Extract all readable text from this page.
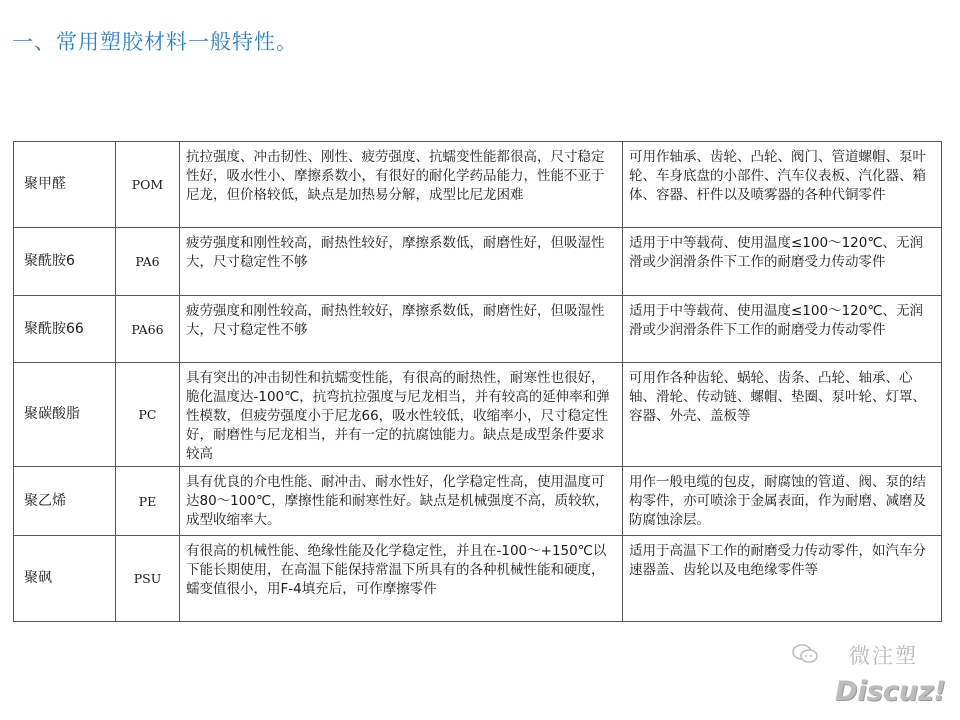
一、常用塑胶材料一般特性。
聚甲醛	POM	抗拉强度、冲击韧性、刚性、疲劳强度、抗蠕变性能都很高，尺寸稳定性好，吸水性小、摩擦系数小，有很好的耐化学药品能力，性能不亚于尼龙，但价格较低，缺点是加热易分解，成型比尼龙困难	可用作轴承、齿轮、凸轮、阀门、管道螺帽、泵叶轮、车身底盘的小部件、汽车仪表板、汽化器、箱体、容器、杆件以及喷雾器的各种代铜零件
聚酰胺6	PA6	疲劳强度和刚性较高，耐热性较好，摩擦系数低，耐磨性好，但吸湿性大，尺寸稳定性不够	适用于中等载荷、使用温度≤100～120℃、无润滑或少润滑条件下工作的耐磨受力传动零件
聚酰胺66	PA66	疲劳强度和刚性较高，耐热性较好，摩擦系数低，耐磨性好，但吸湿性大，尺寸稳定性不够	适用于中等载荷、使用温度≤100～120℃、无润滑或少润滑条件下工作的耐磨受力传动零件
聚碳酸脂	PC	具有突出的冲击韧性和抗蠕变性能，有很高的耐热性，耐寒性也很好，脆化温度达-100℃，抗弯抗拉强度与尼龙相当，并有较高的延伸率和弹性模数，但疲劳强度小于尼龙66，吸水性较低，收缩率小，尺寸稳定性好，耐磨性与尼龙相当，并有一定的抗腐蚀能力。缺点是成型条件要求较高	可用作各种齿轮、蜗轮、齿条、凸轮、轴承、心轴、滑轮、传动链、螺帽、垫圈、泵叶轮、灯罩、容器、外壳、盖板等
聚乙烯	PE	具有优良的介电性能、耐冲击、耐水性好，化学稳定性高，使用温度可达80～100℃，摩擦性能和耐寒性好。缺点是机械强度不高，质较软，成型收缩率大。	用作一般电缆的包皮，耐腐蚀的管道、阀、泵的结构零件，亦可喷涂于金属表面，作为耐磨、减磨及防腐蚀涂层。
聚砜	PSU	有很高的机械性能、绝缘性能及化学稳定性，并且在-100～+150℃以下能长期使用，在高温下能保持常温下所具有的各种机械性能和硬度，蠕变值很小，用F-4填充后，可作摩擦零件	适用于高温下工作的耐磨受力传动零件，如汽车分速器盖、齿轮以及电绝缘零件等
微注塑
Discuz!
